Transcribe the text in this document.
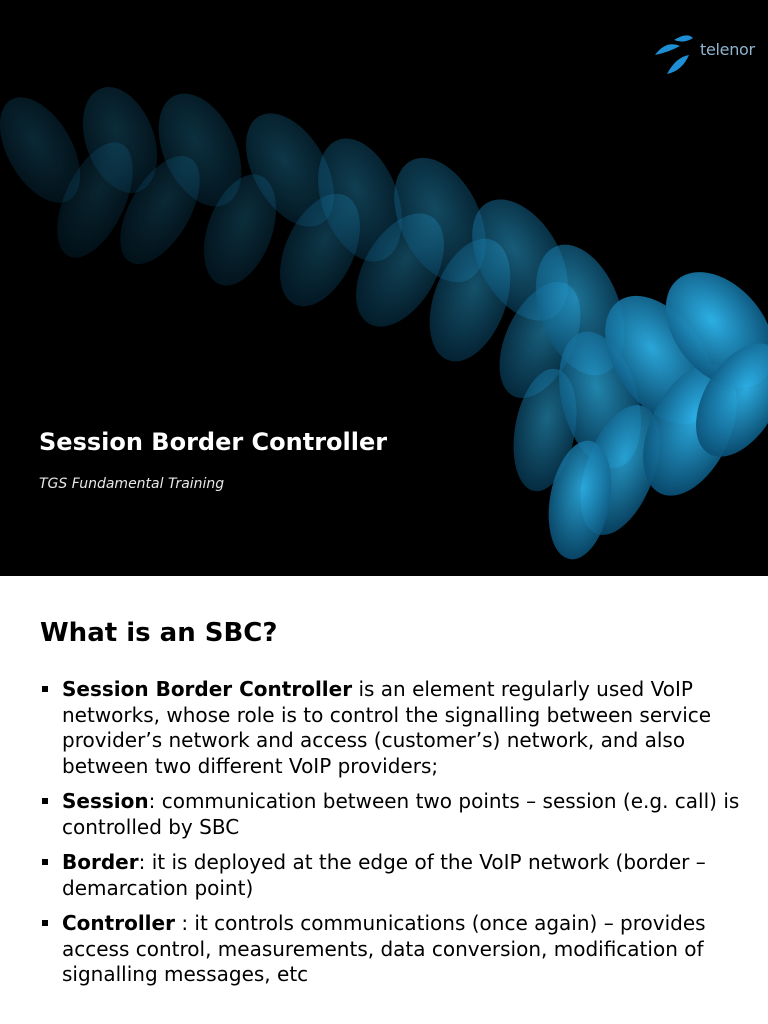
telenor
Session Border Controller

TGS Fundamental Training

What is an SBC?
Session Border Controller is an element regularly used VoIP networks, whose role is to control the signalling between service provider’s network and access (customer’s) network, and also between two different VoIP providers;
Session: communication between two points – session (e.g. call) is controlled by SBC
Border: it is deployed at the edge of the VoIP network (border – demarcation point)
Controller : it controls communications (once again) – provides access control, measurements, data conversion, modification of signalling messages, etc
